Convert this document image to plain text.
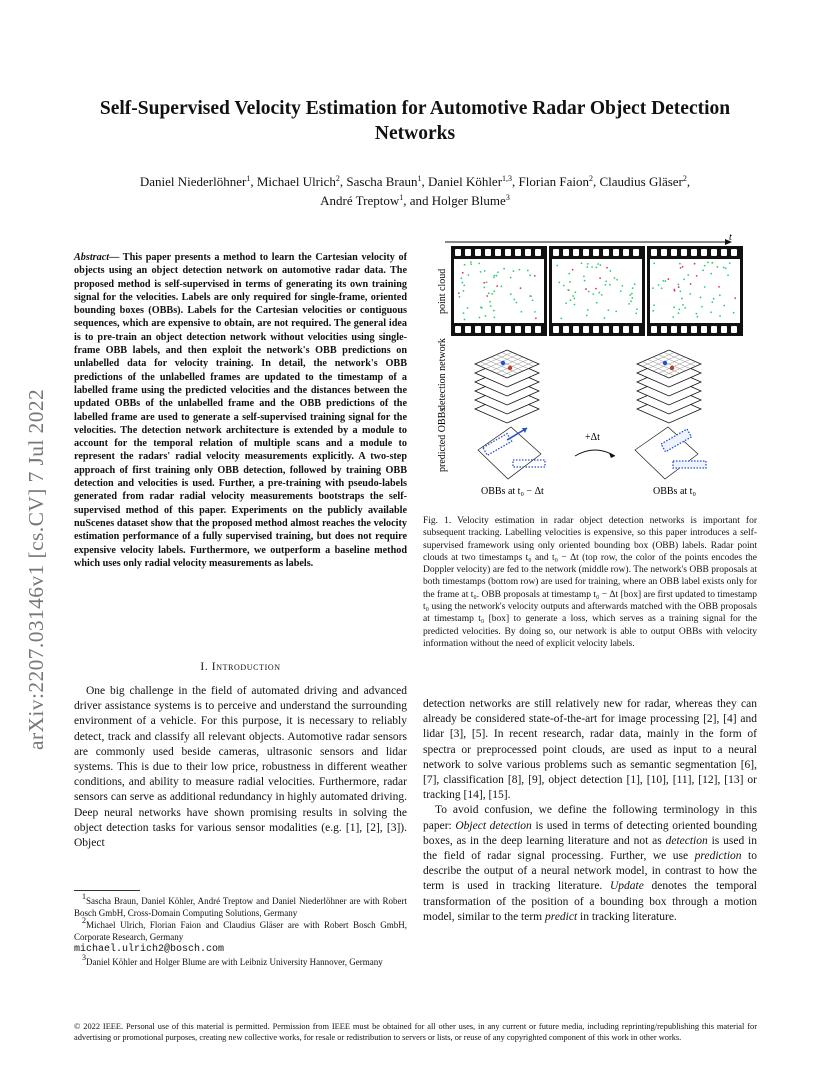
Self-Supervised Velocity Estimation for Automotive Radar Object Detection Networks
Daniel Niederlöhner$^1$, Michael Ulrich$^2$, Sascha Braun$^1$, Daniel Köhler$^{1,3}$, Florian Faion$^2$, Claudius Gläser$^2$,
André Treptow$^1$, and Holger Blume$^3$
arXiv:2207.03146v1 [cs.CV] 7 Jul 2022
Abstract— This paper presents a method to learn the Cartesian velocity of objects using an object detection network on automotive radar data. The proposed method is self-supervised in terms of generating its own training signal for the velocities. Labels are only required for single-frame, oriented bounding boxes (OBBs). Labels for the Cartesian velocities or contiguous sequences, which are expensive to obtain, are not required. The general idea is to pre-train an object detection network without velocities using single-frame OBB labels, and then exploit the network's OBB predictions on unlabelled data for velocity training. In detail, the network's OBB predictions of the unlabelled frames are updated to the timestamp of a labelled frame using the predicted velocities and the distances between the updated OBBs of the unlabelled frame and the OBB predictions of the labelled frame are used to generate a self-supervised training signal for the velocities. The detection network architecture is extended by a module to account for the temporal relation of multiple scans and a module to represent the radars' radial velocity measurements explicitly. A two-step approach of first training only OBB detection, followed by training OBB detection and velocities is used. Further, a pre-training with pseudo-labels generated from radar radial velocity measurements bootstraps the self-supervised method of this paper. Experiments on the publicly available nuScenes dataset show that the proposed method almost reaches the velocity estimation performance of a fully supervised training, but does not require expensive velocity labels. Furthermore, we outperform a baseline method which uses only radial velocity measurements as labels.
I. Introduction

One big challenge in the field of automated driving and advanced driver assistance systems is to perceive and understand the surrounding environment of a vehicle. For this purpose, it is necessary to reliably detect, track and classify all relevant objects. Automotive radar sensors are commonly used beside cameras, ultrasonic sensors and lidar systems. This is due to their low price, robustness in different weather conditions, and ability to measure radial velocities. Furthermore, radar sensors can serve as additional redundancy in highly automated driving. Deep neural networks have shown promising results in solving the object detection tasks for various sensor modalities (e.g. [1], [2], [3]). Object

$^1$Sascha Braun, Daniel Köhler, André Treptow and Daniel Niederlöhner are with Robert Bosch GmbH, Cross-Domain Computing Solutions, Germany

$^2$Michael Ulrich, Florian Faion and Claudius Gläser are with Robert Bosch GmbH, Corporate Research, Germany
michael.ulrich2@bosch.com

$^3$Daniel Köhler and Holger Blume are with Leibniz University Hannover, Germany

t
point cloud
detection network
predicted OBBs	+Δt
OBBs at t₀ − Δt	OBBs at t₀
Fig. 1. Velocity estimation in radar object detection networks is important for subsequent tracking. Labelling velocities is expensive, so this paper introduces a self-supervised framework using only oriented bounding box (OBB) labels. Radar point clouds at two timestamps t₀ and t₀ − Δt (top row, the color of the points encodes the Doppler velocity) are fed to the network (middle row). The network's OBB proposals at both timestamps (bottom row) are used for training, where an OBB label exists only for the frame at t₀. OBB proposals at timestamp t₀ − Δt [box] are first updated to timestamp t₀ using the network's velocity outputs and afterwards matched with the OBB proposals at timestamp t₀ [box] to generate a loss, which serves as a training signal for the predicted velocities. By doing so, our network is able to output OBBs with velocity information without the need of explicit velocity labels.

detection networks are still relatively new for radar, whereas they can already be considered state-of-the-art for image processing [2], [4] and lidar [3], [5]. In recent research, radar data, mainly in the form of spectra or preprocessed point clouds, are used as input to a neural network to solve various problems such as semantic segmentation [6], [7], classification [8], [9], object detection [1], [10], [11], [12], [13] or tracking [14], [15].

To avoid confusion, we define the following terminology in this paper: Object detection is used in terms of detecting oriented bounding boxes, as in the deep learning literature and not as detection is used in the field of radar signal processing. Further, we use prediction to describe the output of a neural network model, in contrast to how the term is used in tracking literature. Update denotes the temporal transformation of the position of a bounding box through a motion model, similar to the term predict in tracking literature.

© 2022 IEEE. Personal use of this material is permitted. Permission from IEEE must be obtained for all other uses, in any current or future media, including reprinting/republishing this material for advertising or promotional purposes, creating new collective works, for resale or redistribution to servers or lists, or reuse of any copyrighted component of this work in other works.
